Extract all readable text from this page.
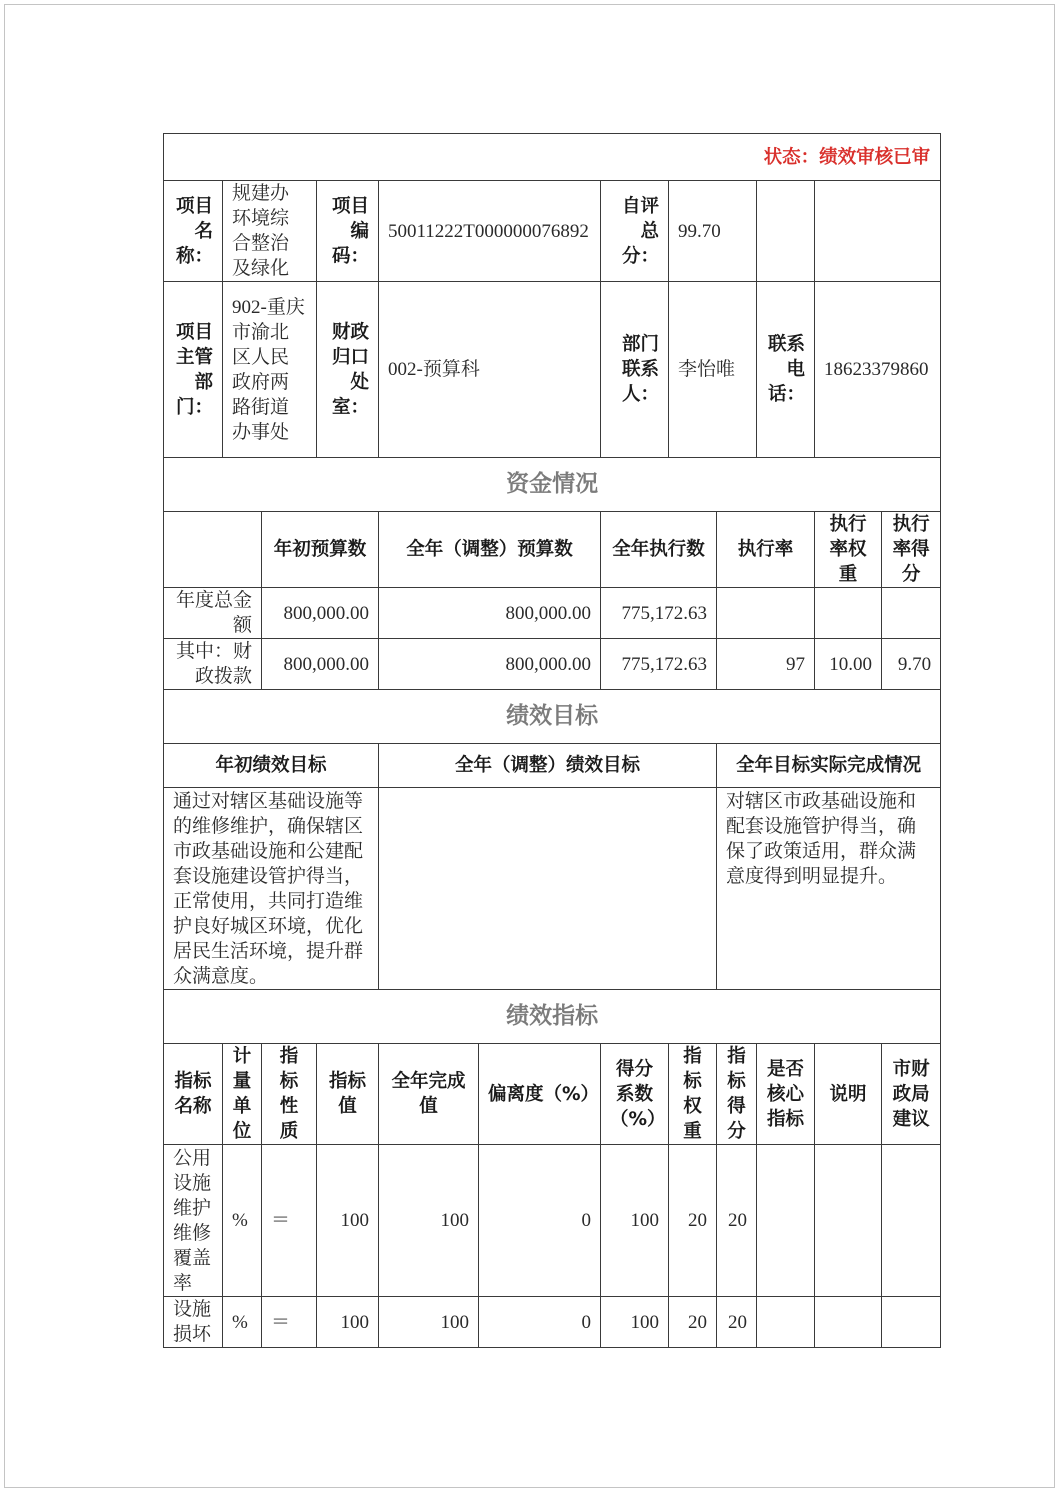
状态：绩效审核已审											
项目名称：	规建办环境综合整治及绿化		项目编码：	50011222T000000076892		自评总分：	99.70				
项目主管部门：	902-重庆市渝北区人民政府两路街道办事处		财政归口处室：	002-预算科		部门联系人：	李怡唯		联系电话：	18623379860	
资金情况											
		年初预算数		全年（调整）预算数		全年执行数		执行率		执行率权重	执行率得分
年度总金额		800,000.00		800,000.00		775,172.63					
其中：财政拨款		800,000.00		800,000.00		775,172.63		97		10.00	9.70
绩效目标											
年初绩效目标				全年（调整）绩效目标				全年目标实际完成情况			
通过对辖区基础设施等的维修维护，确保辖区市政基础设施和公建配套设施建设管护得当，正常使用，共同打造维护良好城区环境，优化居民生活环境，提升群众满意度。								对辖区市政基础设施和配套设施管护得当，确保了政策适用，群众满意度得到明显提升。			
绩效指标											
指标名称	计量单位	指标性质	指标值	全年完成值	偏离度（%）	得分系数（%）	指标权重	指标得分	是否核心指标	说明	市财政局建议
公用设施维护维修覆盖率	%	＝	100	100	0	100	20	20			
设施损坏	%	＝	100	100	0	100	20	20			
